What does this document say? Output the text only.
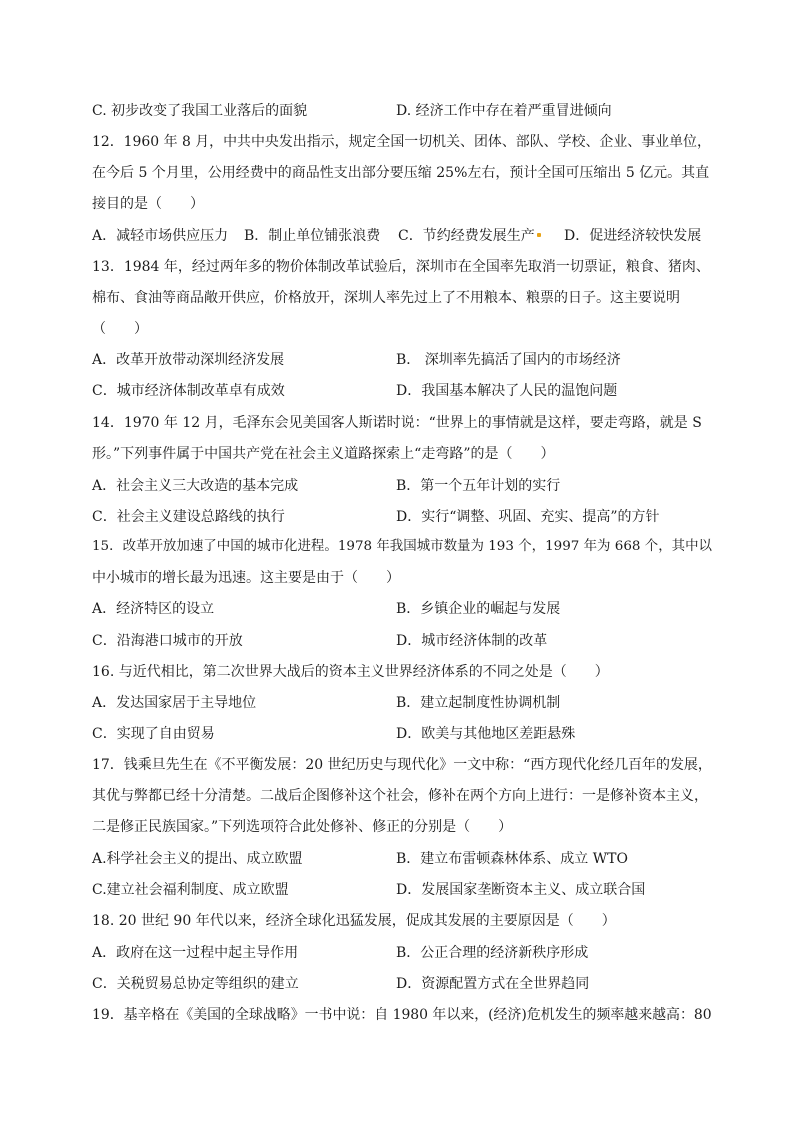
C. 初步改变了我国工业落后的面貌	D. 经济工作中存在着严重冒进倾向
12．1960 年 8 月，中共中央发出指示，规定全国一切机关、团体、部队、学校、企业、事业单位，
在今后 5 个月里，公用经费中的商品性支出部分要压缩 25%左右，预计全国可压缩出 5 亿元。其直
接目的是（　　）
A．减轻市场供应压力 B．制止单位铺张浪费 C．节约经费发展生产	D．促进经济较快发展
13．1984 年，经过两年多的物价体制改革试验后，深圳市在全国率先取消一切票证，粮食、猪肉、
棉布、食油等商品敞开供应，价格放开，深圳人率先过上了不用粮本、粮票的日子。这主要说明
（　　）
A．改革开放带动深圳经济发展	B． 深圳率先搞活了国内的市场经济
C．城市经济体制改革卓有成效	D．我国基本解决了人民的温饱问题
14．1970 年 12 月，毛泽东会见美国客人斯诺时说：“世界上的事情就是这样，要走弯路，就是 S
形。”下列事件属于中国共产党在社会主义道路探索上“走弯路”的是（　　）
A．社会主义三大改造的基本完成	B．第一个五年计划的实行
C．社会主义建设总路线的执行	D．实行“调整、巩固、充实、提高”的方针
15．改革开放加速了中国的城市化进程。1978 年我国城市数量为 193 个，1997 年为 668 个，其中以
中小城市的增长最为迅速。这主要是由于（　　）
A．经济特区的设立	B．乡镇企业的崛起与发展
C．沿海港口城市的开放	D．城市经济体制的改革
16. 与近代相比，第二次世界大战后的资本主义世界经济体系的不同之处是（　　）
A．发达国家居于主导地位	B．建立起制度性协调机制
C．实现了自由贸易	D．欧美与其他地区差距悬殊
17．钱乘旦先生在《不平衡发展：20 世纪历史与现代化》一文中称：“西方现代化经几百年的发展，
其优与弊都已经十分清楚。二战后企图修补这个社会，修补在两个方向上进行：一是修补资本主义，
二是修正民族国家。”下列选项符合此处修补、修正的分别是（　　）
A.科学社会主义的提出、成立欧盟	B．建立布雷顿森林体系、成立 WTO
C.建立社会福利制度、成立欧盟	D．发展国家垄断资本主义、成立联合国
18. 20 世纪 90 年代以来，经济全球化迅猛发展，促成其发展的主要原因是（　　）
A．政府在这一过程中起主导作用	B．公正合理的经济新秩序形成
C．关税贸易总协定等组织的建立	D．资源配置方式在全世界趋同
19．基辛格在《美国的全球战略》一书中说：自 1980 年以来，(经济)危机发生的频率越来越高：80
